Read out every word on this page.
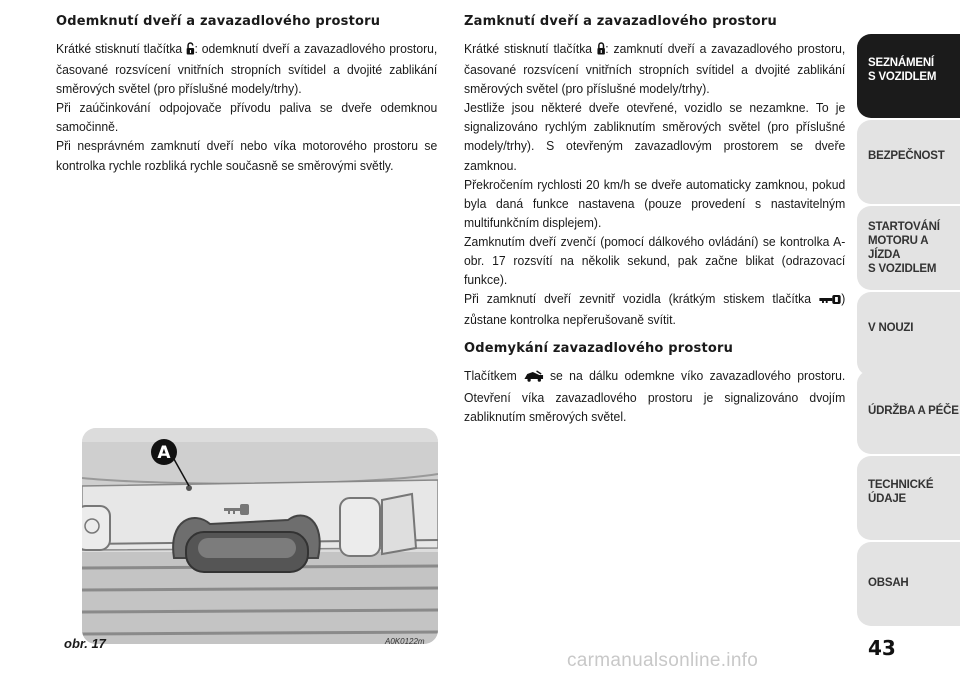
Odemknutí dveří a zavazadlového prostoru
Krátké stisknutí tlačítka : odemknutí dveří a zavazadlového prostoru, časované rozsvícení vnitřních stropních svítidel a dvojité zablikání směrových světel (pro příslušné modely/trhy).
Při zaúčinkování odpojovače přívodu paliva se dveře odemknou samočinně.
Při nesprávném zamknutí dveří nebo víka motorového prostoru se kontrolka rychle rozbliká rychle současně se směrovými světly.
Zamknutí dveří a zavazadlového prostoru
Krátké stisknutí tlačítka : zamknutí dveří a zavazadlového prostoru, časované rozsvícení vnitřních stropních svítidel a dvojité zablikání směrových světel (pro příslušné modely/trhy).
Jestliže jsou některé dveře otevřené, vozidlo se nezamkne. To je signalizováno rychlým zabliknutím směrových světel (pro příslušné modely/trhy). S otevřeným zavazadlovým prostorem se dveře zamknou.
Překročením rychlosti 20 km/h se dveře automaticky zamknou, pokud byla daná funkce nastavena (pouze provedení s nastavitelným multifunkčním displejem).
Zamknutím dveří zvenčí (pomocí dálkového ovládání) se kontrolka A-obr. 17 rozsvítí na několik sekund, pak začne blikat (odrazovací funkce).
Při zamknutí dveří zevnitř vozidla (krátkým stiskem tlačítka ) zůstane kontrolka nepřerušovaně svítit.
Odemykání zavazadlového prostoru
Tlačítkem	se na dálku odemkne víko zavazadlového prostoru. Otevření víka zavazadlového prostoru je signalizováno dvojím zabliknutím směrových světel.
A
obr. 17	A0K0122m
SEZNÁMENÍ
S VOZIDLEM
BEZPEČNOST
STARTOVÁNÍ
MOTORU A JÍZDA
S VOZIDLEM
V NOUZI
ÚDRŽBA A PÉČE
TECHNICKÉ
ÚDAJE
OBSAH
43
carmanualsonline.info
